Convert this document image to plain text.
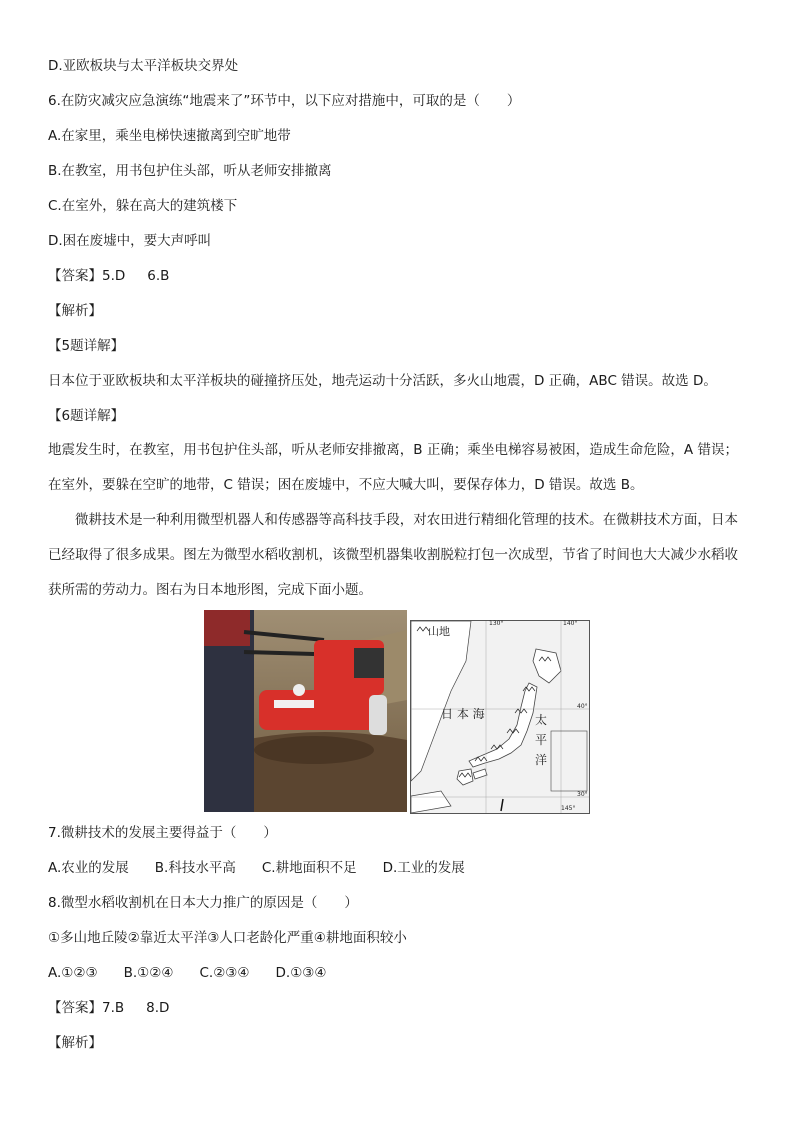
D.亚欧板块与太平洋板块交界处
6.在防灾减灾应急演练“地震来了”环节中，以下应对措施中，可取的是（　　）
A.在家里，乘坐电梯快速撤离到空旷地带
B.在教室，用书包护住头部，听从老师安排撤离
C.在室外，躲在高大的建筑楼下
D.困在废墟中，要大声呼叫
【答案】5.D 6.B
【解析】
【5题详解】
日本位于亚欧板块和太平洋板块的碰撞挤压处，地壳运动十分活跃，多火山地震，D 正确，ABC 错误。故选 D。
【6题详解】
地震发生时，在教室，用书包护住头部，听从老师安排撤离，B 正确；乘坐电梯容易被困，造成生命危险，A 错误；在室外，要躲在空旷的地带，C 错误；困在废墟中，不应大喊大叫，要保存体力，D 错误。故选 B。
微耕技术是一种利用微型机器人和传感器等高科技手段，对农田进行精细化管理的技术。在微耕技术方面，日本已经取得了很多成果。图左为微型水稻收割机，该微型机器集收割脱粒打包一次成型，节省了时间也大大减少水稻收获所需的劳动力。图右为日本地形图，完成下面小题。
山地
日 本 海	太
平
洋
130°	140°
40°
30°
145°
7.微耕技术的发展主要得益于（　　）
A.农业的发展 B.科技水平高 C.耕地面积不足 D.工业的发展
8.微型水稻收割机在日本大力推广的原因是（　　）
①多山地丘陵②靠近太平洋③人口老龄化严重④耕地面积较小
A.①②③ B.①②④ C.②③④ D.①③④
【答案】7.B 8.D
【解析】
